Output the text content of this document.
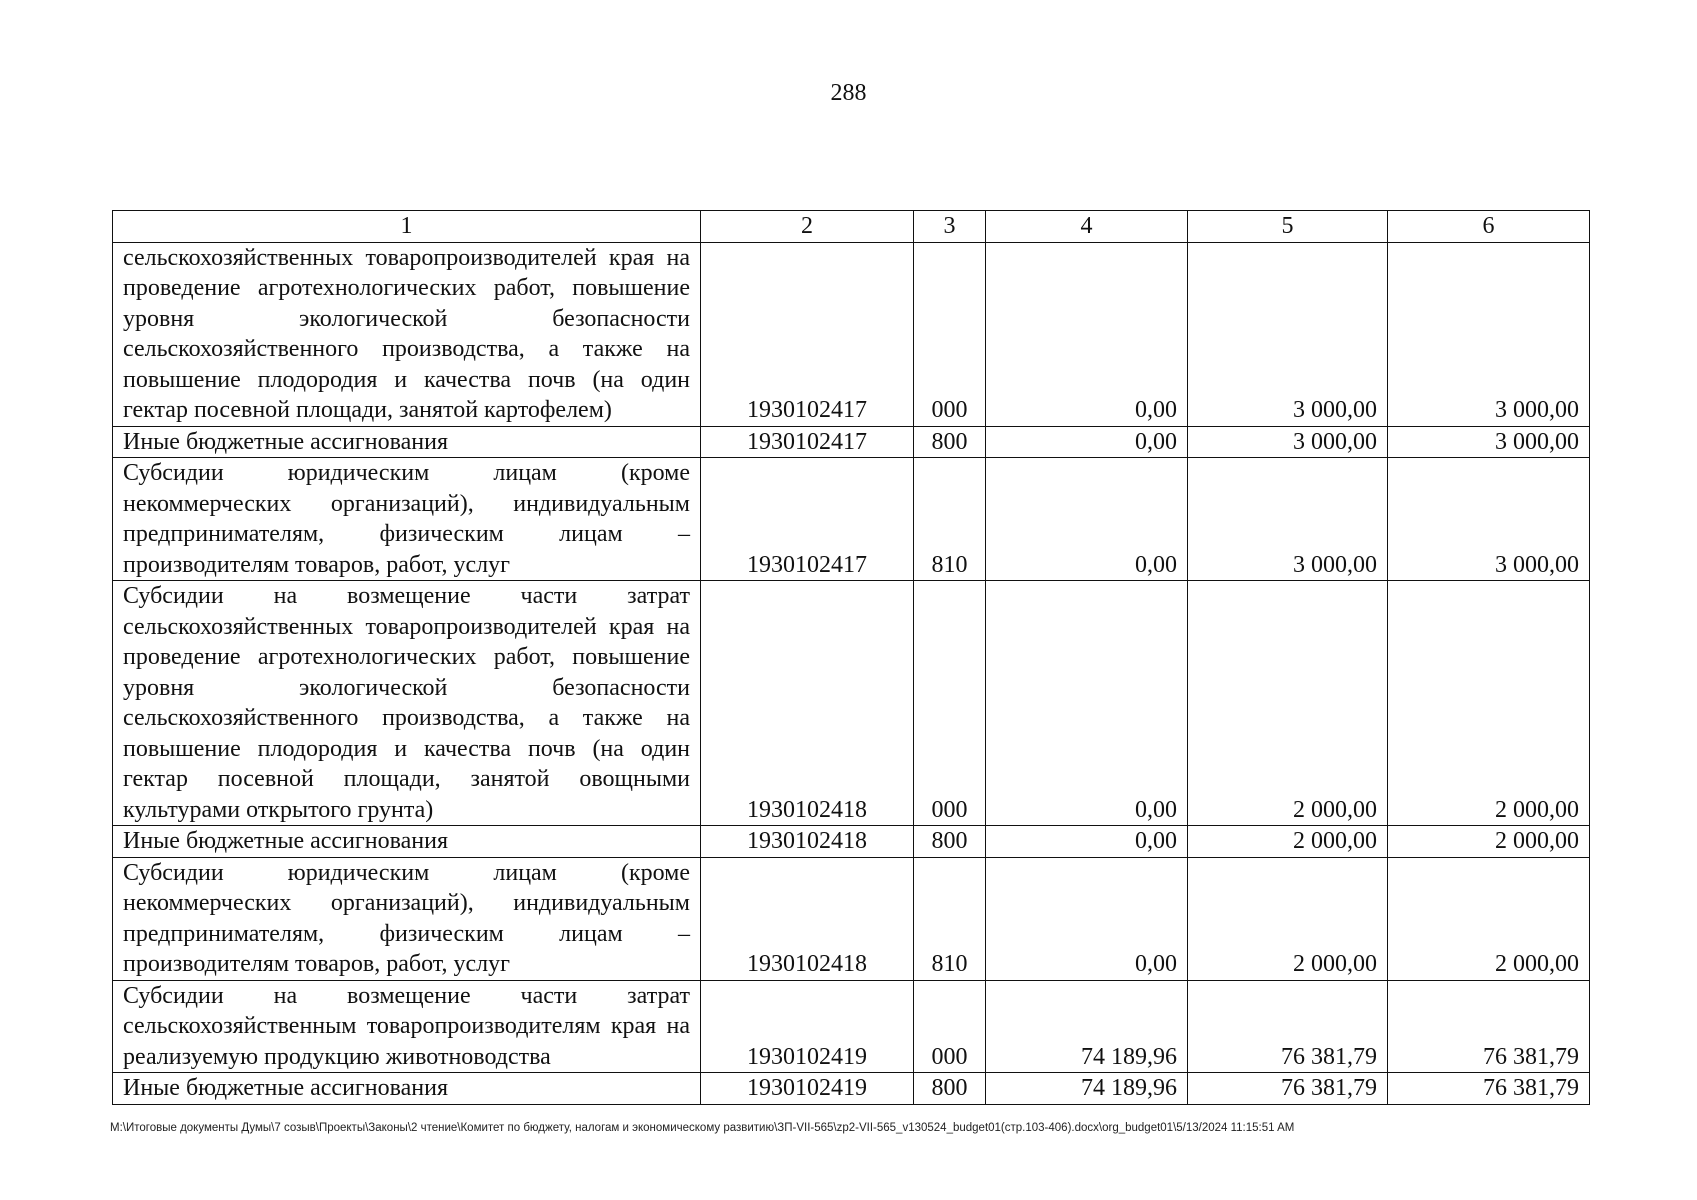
288
1	2	3	4	5	6
сельскохозяйственных товаропроизводителей края на проведение агротехнологических работ, повышение уровня экологической безопасности сельскохозяйственного производства, а также на повышение плодородия и качества почв (на один гектар посевной площади, занятой картофелем)	1930102417	000	0,00	3 000,00	3 000,00
Иные бюджетные ассигнования	1930102417	800	0,00	3 000,00	3 000,00
Субсидии юридическим лицам (кроме некоммерческих организаций), индивидуальным предпринимателям, физическим лицам – производителям товаров, работ, услуг	1930102417	810	0,00	3 000,00	3 000,00
Субсидии на возмещение части затрат сельскохозяйственных товаропроизводителей края на проведение агротехнологических работ, повышение уровня экологической безопасности сельскохозяйственного производства, а также на повышение плодородия и качества почв (на один гектар посевной площади, занятой овощными культурами открытого грунта)	1930102418	000	0,00	2 000,00	2 000,00
Иные бюджетные ассигнования	1930102418	800	0,00	2 000,00	2 000,00
Субсидии юридическим лицам (кроме некоммерческих организаций), индивидуальным предпринимателям, физическим лицам – производителям товаров, работ, услуг	1930102418	810	0,00	2 000,00	2 000,00
Субсидии на возмещение части затрат сельскохозяйственным товаропроизводителям края на реализуемую продукцию животноводства	1930102419	000	74 189,96	76 381,79	76 381,79
Иные бюджетные ассигнования	1930102419	800	74 189,96	76 381,79	76 381,79
M:\Итоговые документы Думы\7 созыв\Проекты\Законы\2 чтение\Комитет по бюджету, налогам и экономическому развитию\ЗП-VII-565\zp2-VII-565_v130524_budget01(стр.103-406).docx\org_budget01\5/13/2024 11:15:51 AM
